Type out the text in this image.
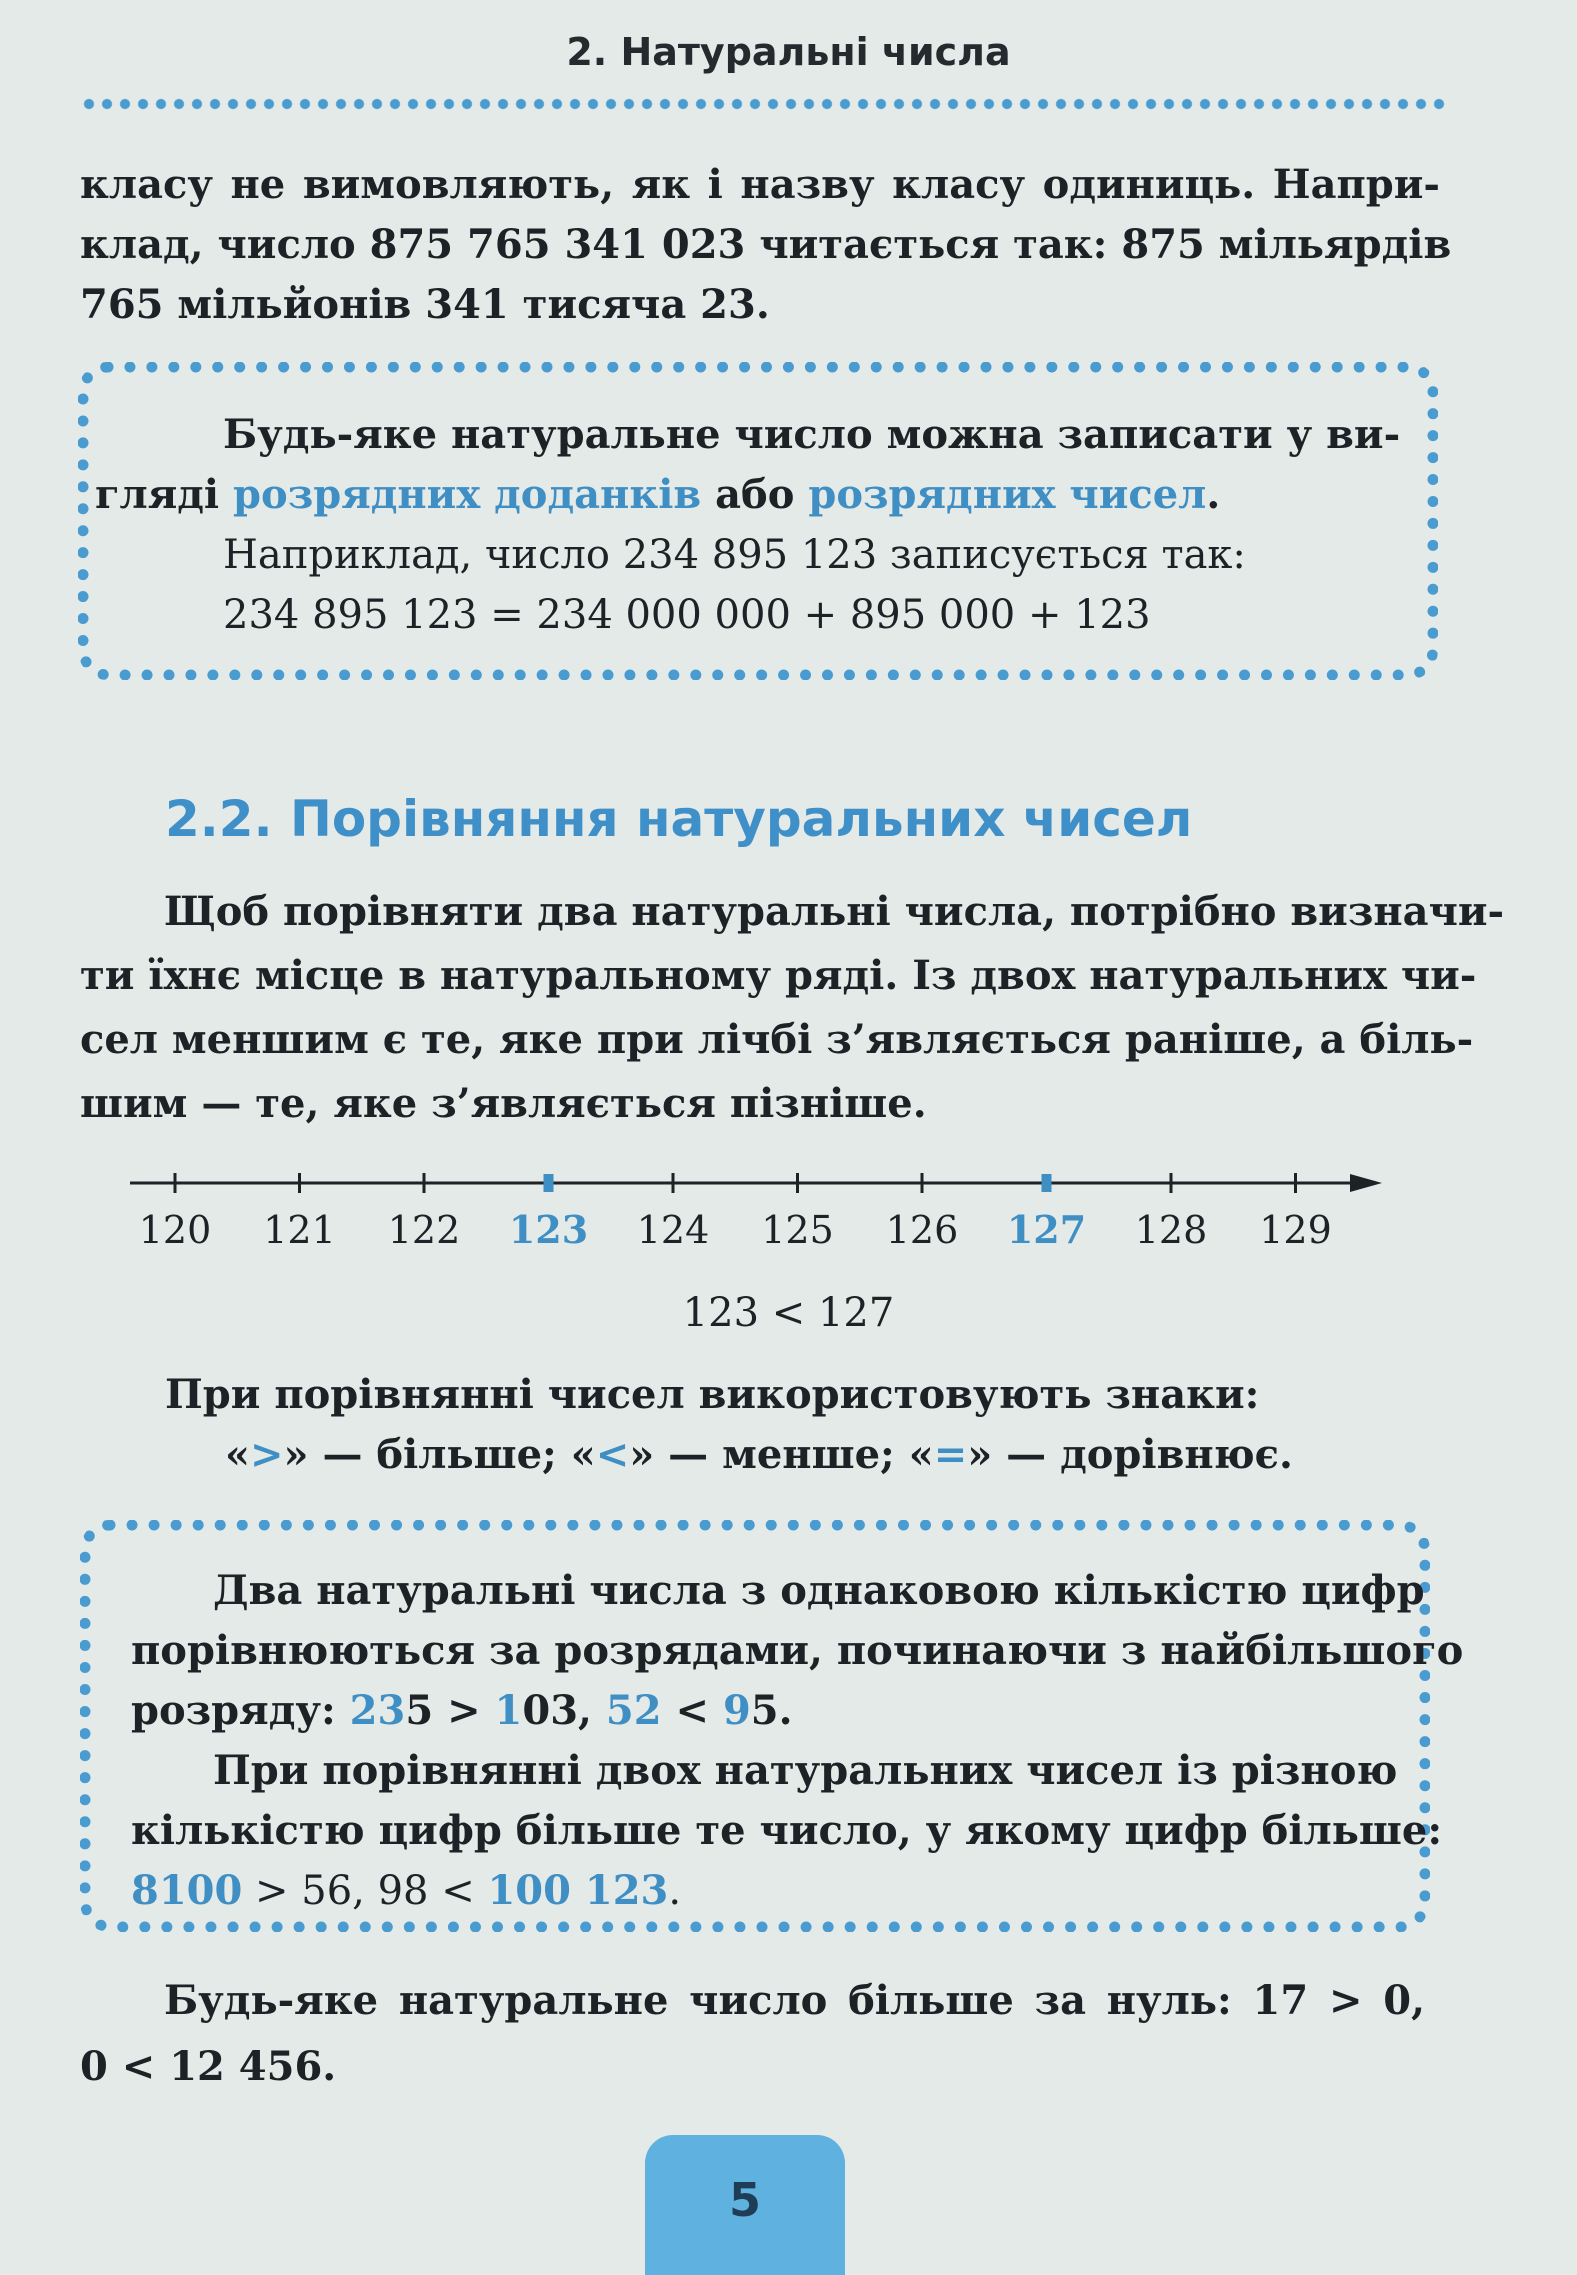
2. Натуральні числа
класу не вимовляють, як і назву класу одиниць. Напри-
клад, число 875 765 341 023 читається так: 875 мільярдів
765 мільйонів 341 тисяча 23.
Будь-яке натуральне число можна записати у ви-
гляді розрядних доданків або розрядних чисел.
Наприклад, число 234 895 123 записується так:
234 895 123 = 234 000 000 + 895 000 + 123
2.2. Порівняння натуральних чисел
Щоб порівняти два натуральні числа, потрібно визначи-
ти їхнє місце в натуральному ряді. Із двох натуральних чи-
сел меншим є те, яке при лічбі з’являється раніше, а біль-
шим — те, яке з’являється пізніше.
120 121 122 123 124 125 126 127 128 129
123 < 127
При порівнянні чисел використовують знаки:
«>» — більше; «<» — менше; «=» — дорівнює.
Два натуральні числа з однаковою кількістю цифр
порівнюються за розрядами, починаючи з найбільшого
розряду: 235 > 103, 52 < 95.
При порівнянні двох натуральних чисел із різною
кількістю цифр більше те число, у якому цифр більше:
8100 > 56, 98 < 100 123.
Будь-яке натуральне число більше за нуль: 17 > 0,
0 < 12 456.
5
